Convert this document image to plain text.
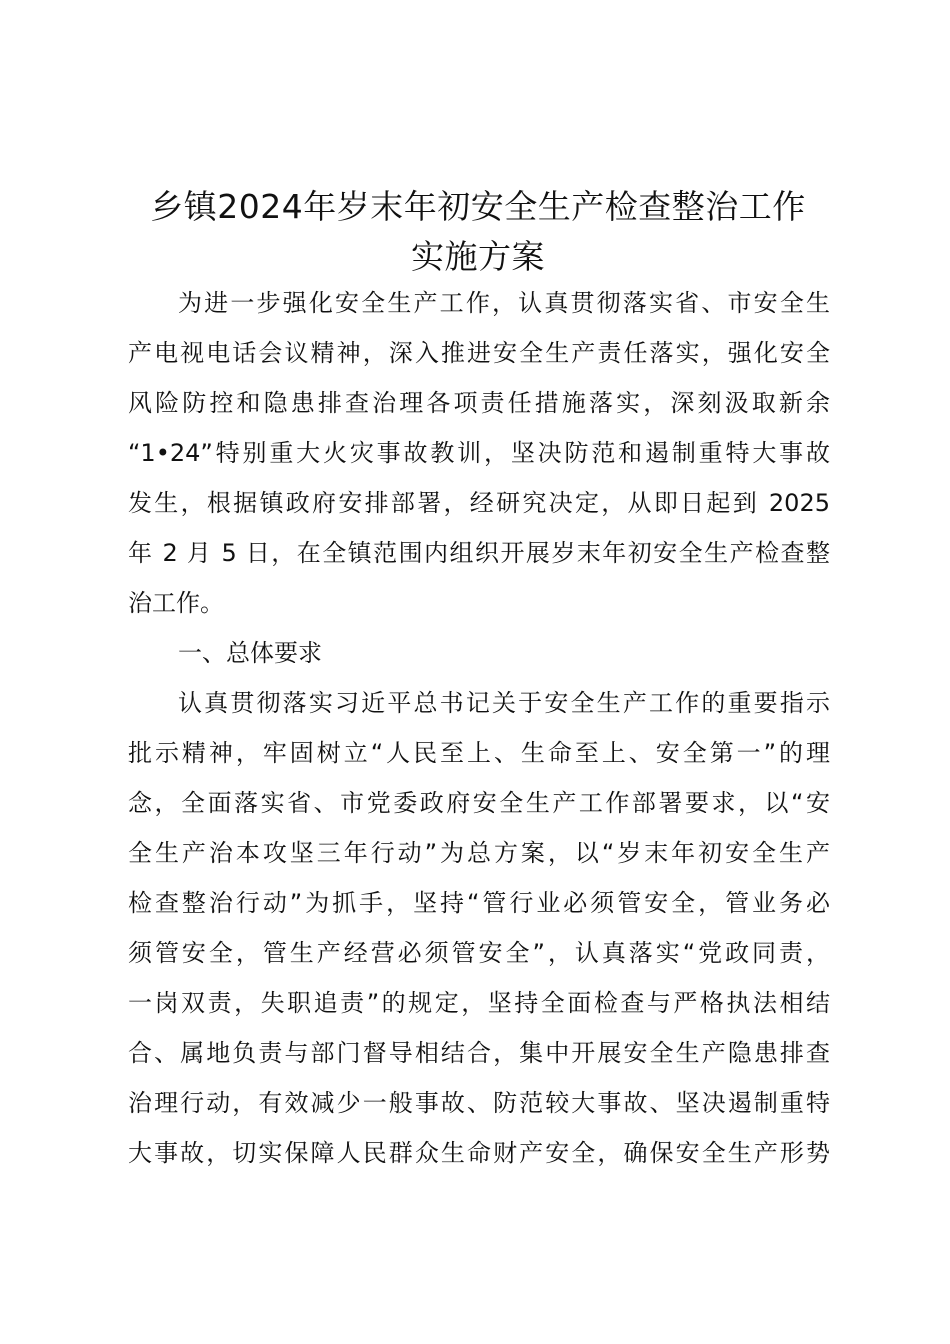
乡镇2024年岁末年初安全生产检查整治工作
实施方案
为进一步强化安全生产工作，认真贯彻落实省、市安全生
产电视电话会议精神，深入推进安全生产责任落实，强化安全
风险防控和隐患排查治理各项责任措施落实，深刻汲取新余
“1•24”特别重大火灾事故教训，坚决防范和遏制重特大事故
发生，根据镇政府安排部署，经研究决定，从即日起到 2025
年 2 月 5 日，在全镇范围内组织开展岁末年初安全生产检查整
治工作。
一、总体要求
认真贯彻落实习近平总书记关于安全生产工作的重要指示
批示精神，牢固树立“人民至上、生命至上、安全第一”的理
念，全面落实省、市党委政府安全生产工作部署要求，以“安
全生产治本攻坚三年行动”为总方案，以“岁末年初安全生产
检查整治行动”为抓手，坚持“管行业必须管安全，管业务必
须管安全，管生产经营必须管安全”，认真落实“党政同责，
一岗双责，失职追责”的规定，坚持全面检查与严格执法相结
合、属地负责与部门督导相结合，集中开展安全生产隐患排查
治理行动，有效减少一般事故、防范较大事故、坚决遏制重特
大事故，切实保障人民群众生命财产安全，确保安全生产形势
